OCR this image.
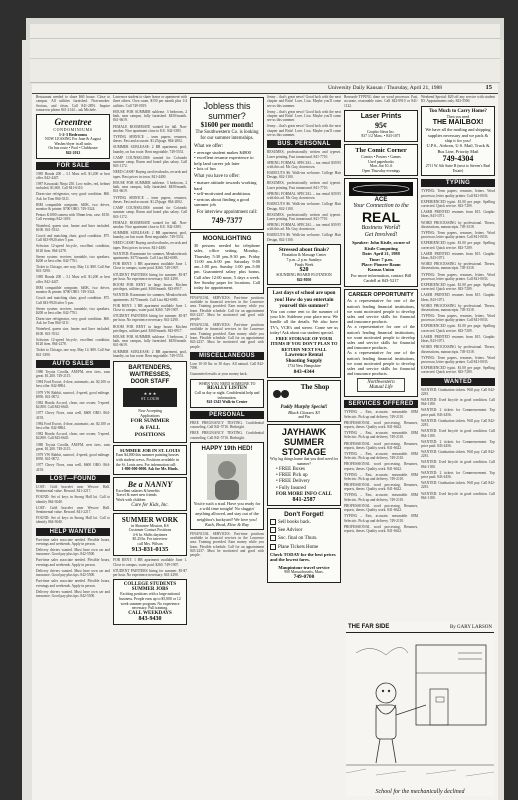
University Daily Kansan / Thursday, April 21, 1988	15
Restaurant needed to share $60 house. Close to campus. All utilities furnished. Non-smoker. Serious, and clean. Call 841-2891. Inquire tomorrow please 841-2144 – ask Michele.
Greentree
CONDOMINIUMS
1-2-3 Bedrooms
NOW LEASING For June & August
Washer/dryer in all units
On bus route • Pool • Clubhouse
842-2012
FOR SALE

1985 Honda 200 – 3.1 Must sell. $1,200 or best offer. 842-4447.

1987 Kawasaki Ninja 250. Low miles, red, helmet included, $1,600. Call 841-6110.

Dorm-size refrigerator, very good condition. $60. Ask for Tom 864-3311.

IBM compatible computer, 640K, two drives, monitor & printer. $700 OBO. 749-3324.

Pentax K1000 camera with 50mm lens, case. $150. Call evenings 842-1019.

Waterbed, queen size, heater and liner included. $100. 841-5532.

Couch and matching chair, good condition. $75. Call 843-9920 after 5 p.m.

Schwinn 12-speed bicycle, excellent condition, $120 firm. 864-2278.

Stereo system: receiver, turntable, two speakers. $200 or best offer. 842-7761.

Ticket to Chicago, one way, May 14. $80. Call Sue 841-3390.

1985 Honda 200 – 3.1 Must sell. $1,200 or best offer. 842-4447.

IBM compatible computer, 640K, two drives, monitor & printer. $700 OBO. 749-3324.

Couch and matching chair, good condition. $75. Call 843-9920 after 5 p.m.

Stereo system: receiver, turntable, two speakers. $200 or best offer. 842-7761.

Dorm-size refrigerator, very good condition. $60. Ask for Tom 864-3311.

Waterbed, queen size, heater and liner included. $100. 841-5532.

Schwinn 12-speed bicycle, excellent condition, $120 firm. 864-2278.

Ticket to Chicago, one way, May 14. $80. Call Sue 841-3390.

AUTO SALES

1980 Toyota Corolla, AM/FM, new tires, runs great. $1,200. 749-2115.

1984 Ford Escort, 4-door, automatic, air. $2,100 or best offer. 842-8804.

1979 VW Rabbit, sunroof, 4-speed, good mileage. $950. 841-0072.

1982 Honda Accord, clean, one owner, 5-speed. $2,800. Call 843-6645.

1977 Chevy Nova, runs well, $600 OBO. 864-4193.

1984 Ford Escort, 4-door, automatic, air. $2,100 or best offer. 842-8804.

1982 Honda Accord, clean, one owner, 5-speed. $2,800. Call 843-6645.

1980 Toyota Corolla, AM/FM, new tires, runs great. $1,200. 749-2115.

1979 VW Rabbit, sunroof, 4-speed, good mileage. $950. 841-0072.

1977 Chevy Nova, runs well, $600 OBO. 864-4193.

LOST—FOUND

LOST: Gold bracelet near Wescoe Hall. Sentimental value. Reward. 841-2217.

FOUND: Set of keys in Strong Hall lot. Call to identify 864-3040.

LOST: Gold bracelet near Wescoe Hall. Sentimental value. Reward. 841-2217.

FOUND: Set of keys in Strong Hall lot. Call to identify 864-3040.

HELP WANTED

Part-time sales associate needed. Flexible hours, evenings and weekends. Apply in person.

Delivery drivers wanted. Must have own car and insurance. Good pay plus tips. 842-5500.

Part-time sales associate needed. Flexible hours, evenings and weekends. Apply in person.

Delivery drivers wanted. Must have own car and insurance. Good pay plus tips. 842-5500.

Part-time sales associate needed. Flexible hours, evenings and weekends. Apply in person.

Delivery drivers wanted. Must have own car and insurance. Good pay plus tips. 842-5500.

Lawrence student to share house or apartment with three others. Own room, $150 per month plus 1/4 utilities. Call 749-0019.

HOUSE FOR SUMMER sublease. 3 bedroom, 2 bath, near campus, fully furnished. $450/month. 841-6619.

FEMALE ROOMMATE wanted for fall. Non-smoker. Nice apartment close to KU. 842-3385.

TYPING SERVICE – term papers, resumes, theses. Fast and accurate. $1.25/page. 864-2002.

SUMMER SUBLEASE: 2 BR apartment, pool, laundry, on bus route. Rent negotiable. 749-5531.

CAMP COUNSELORS wanted for Colorado summer camp. Room and board plus salary. Call 843-1172.

NEED CASH? Buying used textbooks, records and tapes. Best prices in town. 841-4400.

HOUSE FOR SUMMER sublease. 3 bedroom, 2 bath, near campus, fully furnished. $450/month. 841-6619.

TYPING SERVICE – term papers, resumes, theses. Fast and accurate. $1.25/page. 864-2002.

CAMP COUNSELORS wanted for Colorado summer camp. Room and board plus salary. Call 843-1172.

FEMALE ROOMMATE wanted for fall. Non-smoker. Nice apartment close to KU. 842-3385.

SUMMER SUBLEASE: 2 BR apartment, pool, laundry, on bus route. Rent negotiable. 749-5531.

NEED CASH? Buying used textbooks, records and tapes. Best prices in town. 841-4400.

WANTED: Roommate for summer, Meadowbrook apartments. $175/month. Call Lisa 842-6083.

FOR RENT: 1 BR apartment available June 1. Close to campus, water paid. $260. 749-1907.

STUDENT PAINTERS hiring for summer. $5-$7 per hour. No experience necessary. 841-2290.

ROOM FOR RENT in large house. Kitchen privileges, utilities paid. $160/month. 843-0917.

WANTED: Roommate for summer, Meadowbrook apartments. $175/month. Call Lisa 842-6083.

FOR RENT: 1 BR apartment available June 1. Close to campus, water paid. $260. 749-1907.

STUDENT PAINTERS hiring for summer. $5-$7 per hour. No experience necessary. 841-2290.

ROOM FOR RENT in large house. Kitchen privileges, utilities paid. $160/month. 843-0917.

HOUSE FOR SUMMER sublease. 3 bedroom, 2 bath, near campus, fully furnished. $450/month. 841-6619.

SUMMER SUBLEASE: 2 BR apartment, pool, laundry, on bus route. Rent negotiable. 749-5531.

BARTENDERS,
WAITRESSES,
DOOR STAFF
★ ★ ★
ST. LOUIS
Now Accepting
Applications
FOR SUMMER
& FALL
POSITIONS
SUMMER JOB IN ST. LOUIS
Earn $4,000 this summer painting houses with student crews. Positions available in the St. Louis area. For information call:
1-800-000-0000. Ask for Mr. Hinds.
Be a NANNY
Excellent salaries & benefits
Travel & meet new friends
Work with children
Care for Kids, Inc.
SUMMER WORK
in Shawnee Mission, KS
Customer Contact Positions
4-6 hr. Shifts daytimes
$5.25/hr. For interview
call Mrs. Wilson
913-831-0135

FOR RENT: 1 BR apartment available June 1. Close to campus, water paid. $260. 749-1907.

STUDENT PAINTERS hiring for summer. $5-$7 per hour. No experience necessary. 841-2290.

COLLEGE STUDENTS
SUMMER JOBS
Exciting positions with a large national business. People earn up to $5,000 or 12 week summer program. No experience necessary. Full training.
CALL WEEKDAYS
843-9430
Jobless this
summer?
$1600 per month!
The Southwestern Co. is looking for our summer internships.
What we offer:
• average student makes $4800
• excellent resume experience to help land career job later
• lots of fun
What you have to offer:
• mature attitude towards working hard
• self-motivated and ambitious
• serious about finding a good summer job
For interview appointment call:
749-7377
MOONLIGHTING
30 persons needed for telephone sales, office setting. Monday–Thursday 5:30 pm–9:30 pm. Friday 11:00 am–6:00 pm. Saturday 9:00 am–1:00 pm. Sunday 1:00 pm–5:00 pm. Guaranteed salary plus bonus. Call after 12:00 noon, 5 days a week. See Sunday paper for locations. Call today for appointment.

FINANCIAL SERVICES: Part-time positions available in financial services in the Lawrence area. Training provided. Earn money while you learn. Flexible schedule. Call for an appointment 843-2237. Must be motivated and good with people.

FINANCIAL SERVICES: Part-time positions available in financial services in the Lawrence area. Training provided. Earn money while you learn. Flexible schedule. Call for an appointment 843-2237. Must be motivated and good with people.

MISCELLANEOUS

Lose 10-30 lbs. in 30 days. All natural. Call 842-7090.

Guaranteed results or your money back.

WHEN YOU NEED SOMEONE TO
REALLY LISTEN
Call us day or night. Confidential help and information.
841-2345 Walk-in Center
PERSONAL

FREE PREGNANCY TESTING. Confidential counseling. Call 841-5716. Birthright.

FREE PREGNANCY TESTING. Confidential counseling. Call 841-5716. Birthright.

HAPPY 19th HED!
You're such a stud. Have you ready for a wild time tonight! No sluggin' anything allowed, and stay out of the neighbor's backyard! We love you!
Kath, Brad, Elise & Ray

FINANCIAL SERVICES: Part-time positions available in financial services in the Lawrence area. Training provided. Earn money while you learn. Flexible schedule. Call for an appointment 843-2237. Must be motivated and good with people.

Jenny – that's great news! Good luck with the next chapter and Brits! Love, Lisa. Maybe you'll come see us this summer.

Jenny – that's great news! Good luck with the next chapter and Brits! Love, Lisa. Maybe you'll come see us this summer.

Jenny – that's great news! Good luck with the next chapter and Brits! Love, Lisa. Maybe you'll come see us this summer.

BUS. PERSONAL

RESUMES, professionally written and typeset. Laser printing. Fast turnaround. 841-7710.

SPRING FORMAL SPECIAL – tux rental $39.95 with this ad. Mr. Guy, downtown.

HAIRCUTS $6. Walk-ins welcome. College Hair Design, 842-1100.

RESUMES, professionally written and typeset. Laser printing. Fast turnaround. 841-7710.

SPRING FORMAL SPECIAL – tux rental $39.95 with this ad. Mr. Guy, downtown.

HAIRCUTS $6. Walk-ins welcome. College Hair Design, 842-1100.

RESUMES, professionally written and typeset. Laser printing. Fast turnaround. 841-7710.

SPRING FORMAL SPECIAL – tux rental $39.95 with this ad. Mr. Guy, downtown.

HAIRCUTS $6. Walk-ins welcome. College Hair Design, 842-1100.

Stressed about finals?
Floatation & Massage Center
7 p.m.–2 p.m. Sundays
Finals Week
$20
SOUNDING BOARD FLOTATION
842-8050
Last days of school are upon you! How do you entertain yourself this summer?
You can come rent to the summer of your life. Sublease your place now. We handle all the details. We also have TV's, VCR's and stereo. Come see us today! Ask about our student special.
FREE STORAGE OF YOUR ITEMS IF YOU DON'T PLAN TO RETURN NEXT FALL
Lawrence Rental
Shooting Supply
1734 New Hampshire
843-4344
The Shop
Paddy Murphy Special!
Black Glasses $3
and Pin
JAYHAWK
SUMMER
STORAGE
Why lug things home that you don't need for summer?
• FREE Boxes
• FREE Pick up
• FREE Delivery
• Fully Insured
FOR MORE INFO CALL
841-2587
Don't Forget!
Sell books back.
See Advisor
Soc. final on Thurs.
Plane Tickets Home
Check TODAY for the best prices and the lowest fares.
Maupintour travel service
900 Massachusetts, Mass.
749-0700

Research-TYPING done on word processor. Fast, accurate, reasonable rates. Call 842-0910 or 841-1122.

Laser Prints
95¢
Graphic Ideas Inc.
837 1/2 Mass. • 843-1071
The Comic Corner
Comics • Posters • Games
Used paperbacks
Mon–Sat 10–6
Open Thursday evenings
ACE
Your Connection to the
REAL
Business World!
Get Involved!
Speaker: John Kistle, owner of Kistle Computing
Date: April 21, 1988
Time: 7 p.m.
Place: Pioneer Room
Kansas Union
For more information, contact Bill Cardell at 843-5217
CAREER OPPORTUNITY
As a representative for one of the nation's leading financial institutions, we want motivated people to develop sales and service skills for financial and insurance products.
As a representative for one of the nation's leading financial institutions, we want motivated people to develop sales and service skills for financial and insurance products.
As a representative for one of the nation's leading financial institutions, we want motivated people to develop sales and service skills for financial and insurance products.
Northwestern
Mutual Life
SERVICES OFFERED

TYPING – Fast, accurate, reasonable. IBM Selectric. Pick up and delivery. 749-2110.

PROFESSIONAL word processing. Resumes, reports, theses. Quality work. 841-6622.

TYPING – Fast, accurate, reasonable. IBM Selectric. Pick up and delivery. 749-2110.

PROFESSIONAL word processing. Resumes, reports, theses. Quality work. 841-6622.

TYPING – Fast, accurate, reasonable. IBM Selectric. Pick up and delivery. 749-2110.

PROFESSIONAL word processing. Resumes, reports, theses. Quality work. 841-6622.

TYPING – Fast, accurate, reasonable. IBM Selectric. Pick up and delivery. 749-2110.

PROFESSIONAL word processing. Resumes, reports, theses. Quality work. 841-6622.

TYPING – Fast, accurate, reasonable. IBM Selectric. Pick up and delivery. 749-2110.

PROFESSIONAL word processing. Resumes, reports, theses. Quality work. 841-6622.

TYPING – Fast, accurate, reasonable. IBM Selectric. Pick up and delivery. 749-2110.

PROFESSIONAL word processing. Resumes, reports, theses. Quality work. 841-6622.

Weekend Special: $20 off any service with student ID. Appointments only. 843-5500.

Too Much to Carry Home?
Then you need
THE MAILBOX!
We have all the mailing and shipping supplies necessary and we pack & ship it for you!
U.P.S., Airborn, U.S. Mail, Truck & Bus Line, Priority Mail
749-4304
2711 W. 6th Suite B (next to Steven's Real Estate)
TYPING

TYPING: Term papers, resumes, letters. Word processor, letter quality printer. Call 841-0033.

EXPERIENCED typist. $1.00 per page. Spelling corrected. Quick service. 843-7209.

LASER PRINTED resumes from $15. Graphic Ideas, 843-1071.

WORD PROCESSING by professional. Theses, dissertations, manuscripts. 749-3318.

TYPING: Term papers, resumes, letters. Word processor, letter quality printer. Call 841-0033.

EXPERIENCED typist. $1.00 per page. Spelling corrected. Quick service. 843-7209.

LASER PRINTED resumes from $15. Graphic Ideas, 843-1071.

WORD PROCESSING by professional. Theses, dissertations, manuscripts. 749-3318.

TYPING: Term papers, resumes, letters. Word processor, letter quality printer. Call 841-0033.

EXPERIENCED typist. $1.00 per page. Spelling corrected. Quick service. 843-7209.

LASER PRINTED resumes from $15. Graphic Ideas, 843-1071.

WORD PROCESSING by professional. Theses, dissertations, manuscripts. 749-3318.

TYPING: Term papers, resumes, letters. Word processor, letter quality printer. Call 841-0033.

EXPERIENCED typist. $1.00 per page. Spelling corrected. Quick service. 843-7209.

LASER PRINTED resumes from $15. Graphic Ideas, 843-1071.

WORD PROCESSING by professional. Theses, dissertations, manuscripts. 749-3318.

TYPING: Term papers, resumes, letters. Word processor, letter quality printer. Call 841-0033.

EXPERIENCED typist. $1.00 per page. Spelling corrected. Quick service. 843-7209.

WANTED

WANTED: Graduation tickets. Will pay. Call 842-2281.

WANTED: Used bicycle in good condition. Call 864-1180.

WANTED: 2 tickets for Commencement. Top price paid. 843-4456.

WANTED: Graduation tickets. Will pay. Call 842-2281.

WANTED: Used bicycle in good condition. Call 864-1180.

WANTED: 2 tickets for Commencement. Top price paid. 843-4456.

WANTED: Graduation tickets. Will pay. Call 842-2281.

WANTED: Used bicycle in good condition. Call 864-1180.

WANTED: 2 tickets for Commencement. Top price paid. 843-4456.

WANTED: Graduation tickets. Will pay. Call 842-2281.

WANTED: Used bicycle in good condition. Call 864-1180.

THE FAR SIDE	By GARY LARSON
School for the mechanically declined
